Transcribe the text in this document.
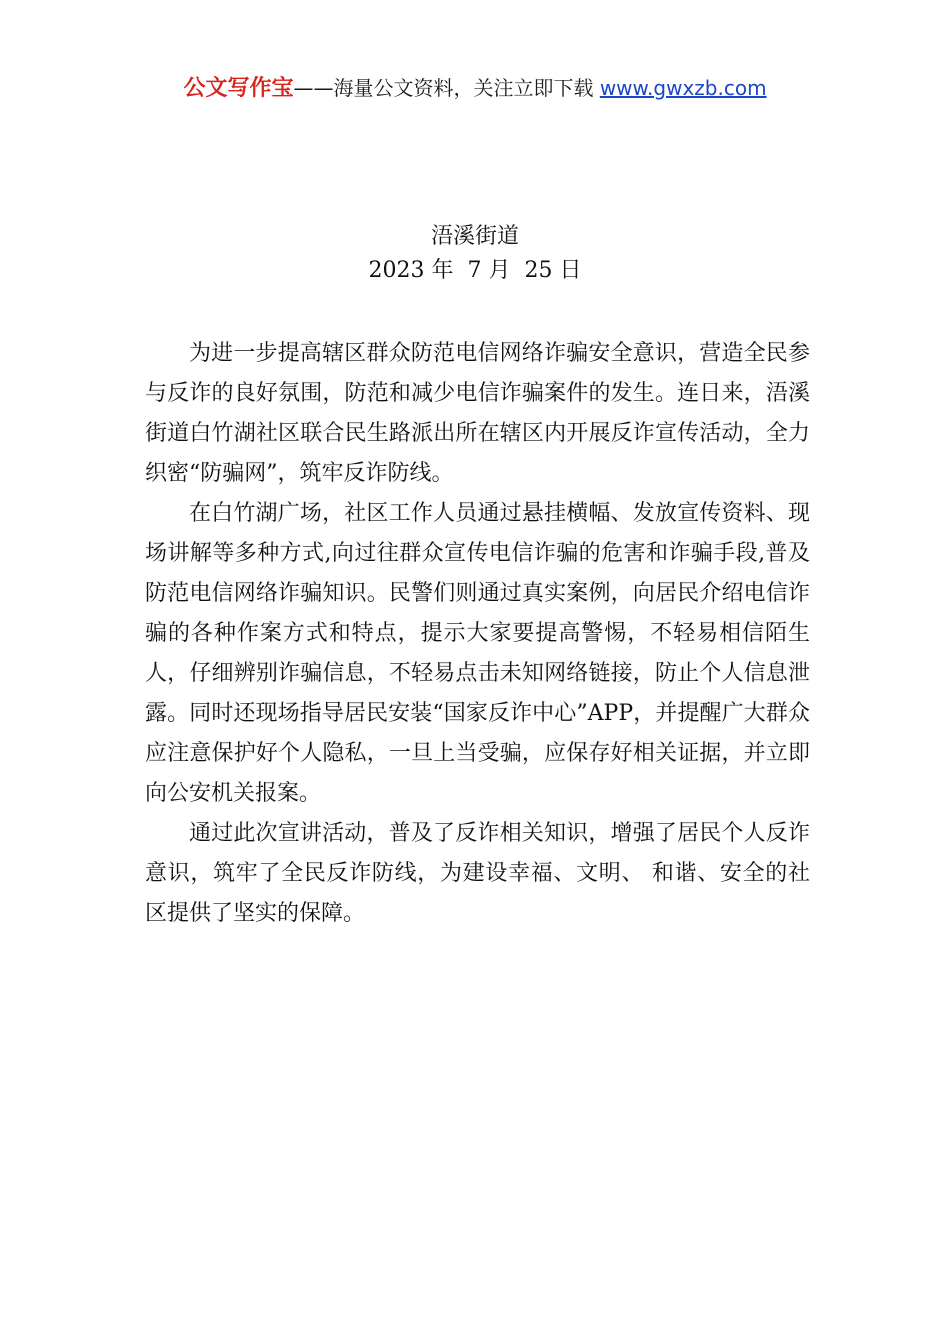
公文写作宝——海量公文资料，关注立即下载 www.gwxzb.com
浯溪街道
2023 年  7 月  25 日

为进一步提高辖区群众防范电信网络诈骗安全意识，营造全民参与反诈的良好氛围，防范和减少电信诈骗案件的发生。连日来，浯溪街道白竹湖社区联合民生路派出所在辖区内开展反诈宣传活动，全力织密“防骗网”，筑牢反诈防线。

在白竹湖广场，社区工作人员通过悬挂横幅、发放宣传资料、现场讲解等多种方式,向过往群众宣传电信诈骗的危害和诈骗手段,普及防范电信网络诈骗知识。民警们则通过真实案例，向居民介绍电信诈骗的各种作案方式和特点，提示大家要提高警惕，不轻易相信陌生人，仔细辨别诈骗信息，不轻易点击未知网络链接，防止个人信息泄露。同时还现场指导居民安装“国家反诈中心”APP，并提醒广大群众应注意保护好个人隐私，一旦上当受骗，应保存好相关证据，并立即向公安机关报案。

通过此次宣讲活动，普及了反诈相关知识，增强了居民个人反诈意识，筑牢了全民反诈防线，为建设幸福、文明、 和谐、安全的社区提供了坚实的保障。
